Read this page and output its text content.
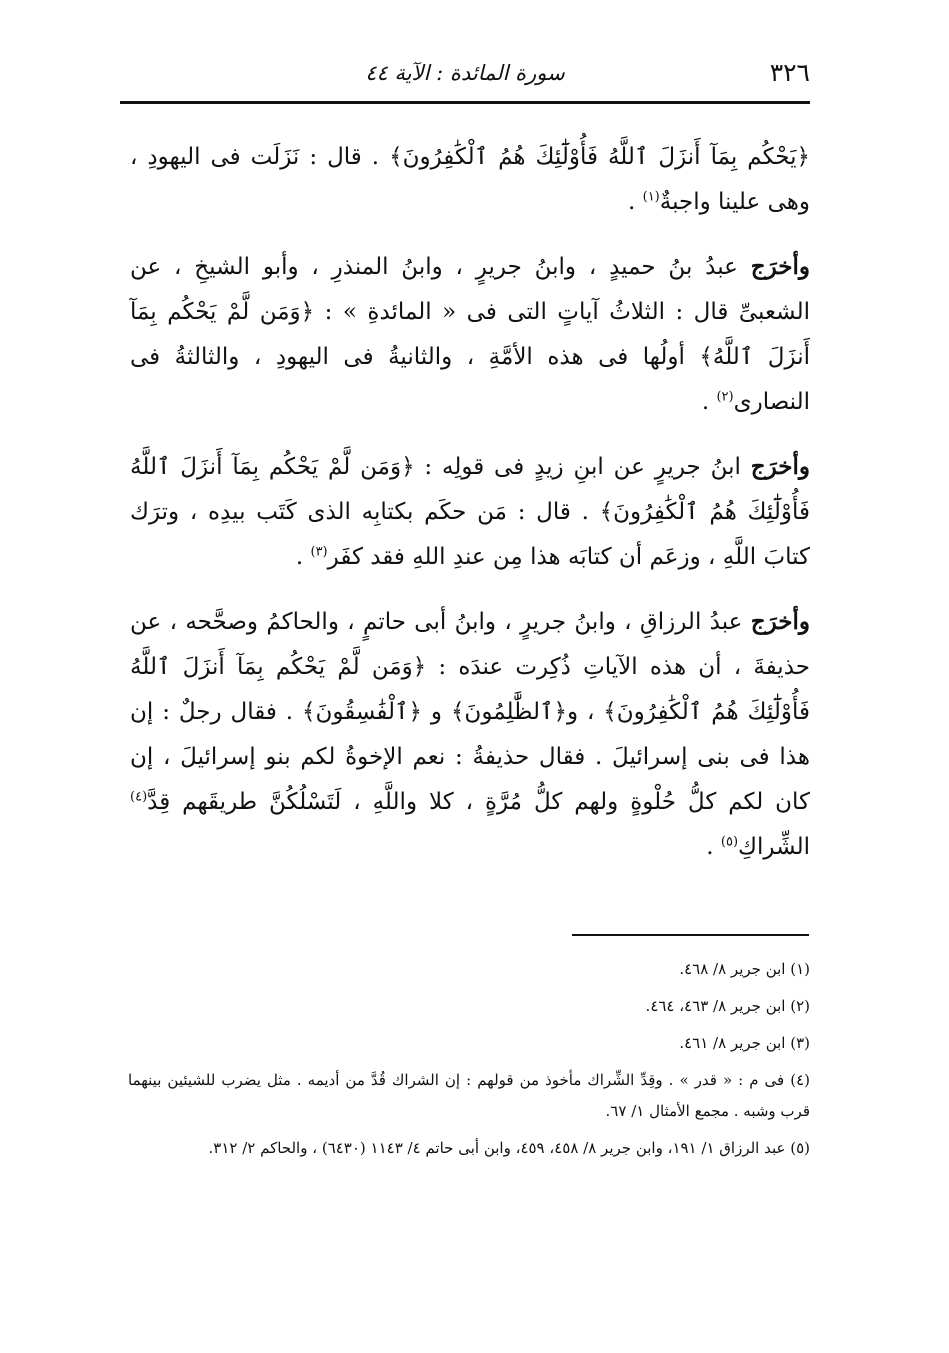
٣٢٦
سورة المائدة : الآية ٤٤

﴿يَحْكُم بِمَآ أَنزَلَ ٱللَّهُ فَأُوْلَٰٓئِكَ هُمُ ٱلْكَٰفِرُونَ﴾ . قال : نَزَلَت فى اليهودِ ، وهى علينا واجبةٌ$^{(١)}$ .

وأخرَج عبدُ بنُ حميدٍ ، وابنُ جريرٍ ، وابنُ المنذرِ ، وأبو الشيخِ ، عن الشعبىِّ قال : الثلاثُ آياتٍ التى فى « المائدةِ » : ﴿وَمَن لَّمْ يَحْكُم بِمَآ أَنزَلَ ٱللَّهُ﴾ أولُها فى هذه الأمَّةِ ، والثانيةُ فى اليهودِ ، والثالثةُ فى النصارى$^{(٢)}$ .

وأخرَج ابنُ جريرٍ عن ابنِ زيدٍ فى قولِه : ﴿وَمَن لَّمْ يَحْكُم بِمَآ أَنزَلَ ٱللَّهُ فَأُوْلَٰٓئِكَ هُمُ ٱلْكَٰفِرُونَ﴾ . قال : مَن حكَم بكتابِه الذى كَتَب بيدِه ، وترَك كتابَ اللَّهِ ، وزعَم أن كتابَه هذا مِن عندِ اللهِ فقد كفَر$^{(٣)}$ .

وأخرَج عبدُ الرزاقِ ، وابنُ جريرٍ ، وابنُ أبى حاتمٍ ، والحاكمُ وصحَّحه ، عن حذيفةَ ، أن هذه الآياتِ ذُكِرت عندَه : ﴿وَمَن لَّمْ يَحْكُم بِمَآ أَنزَلَ ٱللَّهُ فَأُوْلَٰٓئِكَ هُمُ ٱلْكَٰفِرُونَ﴾ ، و﴿ٱلظَّٰلِمُونَ﴾ و ﴿ٱلْفَٰسِقُونَ﴾ . فقال رجلٌ : إن هذا فى بنى إسرائيلَ . فقال حذيفةُ : نعم الإخوةُ لكم بنو إسرائيلَ ، إن كان لكم كلُّ حُلْوةٍ ولهم كلُّ مُرَّةٍ ، كلا واللَّهِ ، لَتَسْلُكُنَّ طريقَهم قِدَّ$^{(٤)}$ الشِّراكِ$^{(٥)}$ .

(١) ابن جرير ٨/ ٤٦٨.

(٢) ابن جرير ٨/ ٤٦٣، ٤٦٤.

(٣) ابن جرير ٨/ ٤٦١.

(٤) فى م : « قدر » . وقِدِّ الشِّراك مأخوذ من قولهم : إن الشراك قُدَّ من أديمه . مثل يضرب للشيئين بينهما قرب وشبه . مجمع الأمثال ١/ ٦٧.

(٥) عبد الرزاق ١/ ١٩١، وابن جرير ٨/ ٤٥٨، ٤٥٩، وابن أبى حاتم ٤/ ١١٤٣ (٦٤٣٠) ، والحاكم ٢/ ٣١٢.
